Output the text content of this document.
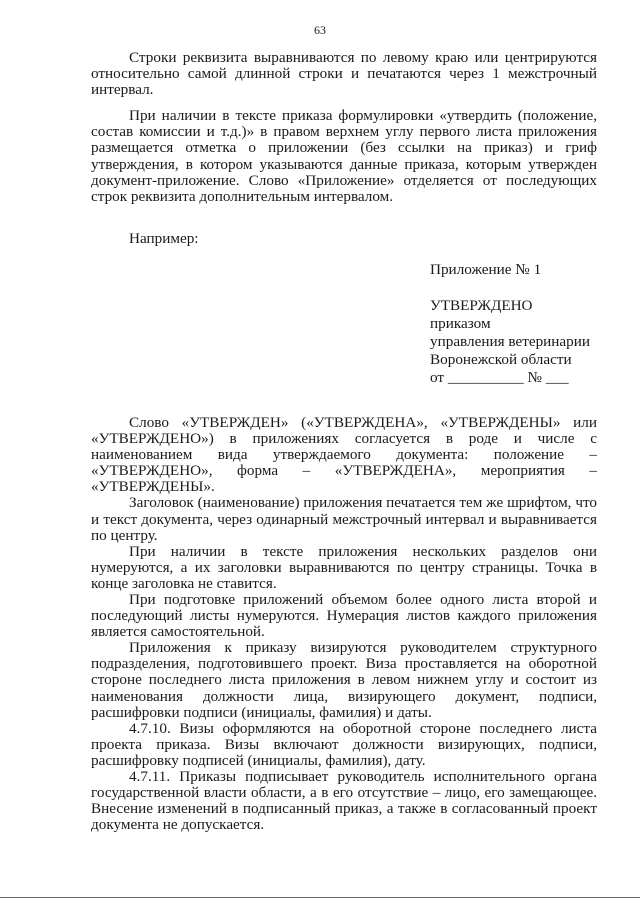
63

Строки реквизита выравниваются по левому краю или центрируются относительно самой длинной строки и печатаются через 1 межстрочный интервал.

При наличии в тексте приказа формулировки «утвердить (положение, состав комиссии и т.д.)» в правом верхнем углу первого листа приложения размещается отметка о приложении (без ссылки на приказ) и гриф утверждения, в котором указываются данные приказа, которым утвержден документ-приложение. Слово «Приложение» отделяется от последующих строк реквизита дополнительным интервалом.

Например:

Приложение № 1

УТВЕРЖДЕНО
приказом
управления ветеринарии
Воронежской области
от __________ № ___

Слово «УТВЕРЖДЕН» («УТВЕРЖДЕНА», «УТВЕРЖДЕНЫ» или «УТВЕРЖДЕНО») в приложениях согласуется в роде и числе с наименованием вида утверждаемого документа: положение – «УТВЕРЖДЕНО», форма – «УТВЕРЖДЕНА», мероприятия – «УТВЕРЖДЕНЫ».

Заголовок (наименование) приложения печатается тем же шрифтом, что и текст документа, через одинарный межстрочный интервал и выравнивается по центру.

При наличии в тексте приложения нескольких разделов они нумеруются, а их заголовки выравниваются по центру страницы. Точка в конце заголовка не ставится.

При подготовке приложений объемом более одного листа второй и последующий листы нумеруются. Нумерация листов каждого приложения является самостоятельной.

Приложения к приказу визируются руководителем структурного подразделения, подготовившего проект. Виза проставляется на оборотной стороне последнего листа приложения в левом нижнем углу и состоит из наименования должности лица, визирующего документ, подписи, расшифровки подписи (инициалы, фамилия) и даты.

4.7.10. Визы оформляются на оборотной стороне последнего листа проекта приказа. Визы включают должности визирующих, подписи, расшифровку подписей (инициалы, фамилия), дату.

4.7.11. Приказы подписывает руководитель исполнительного органа государственной власти области, а в его отсутствие – лицо, его замещающее. Внесение изменений в подписанный приказ, а также в согласованный проект документа не допускается.
